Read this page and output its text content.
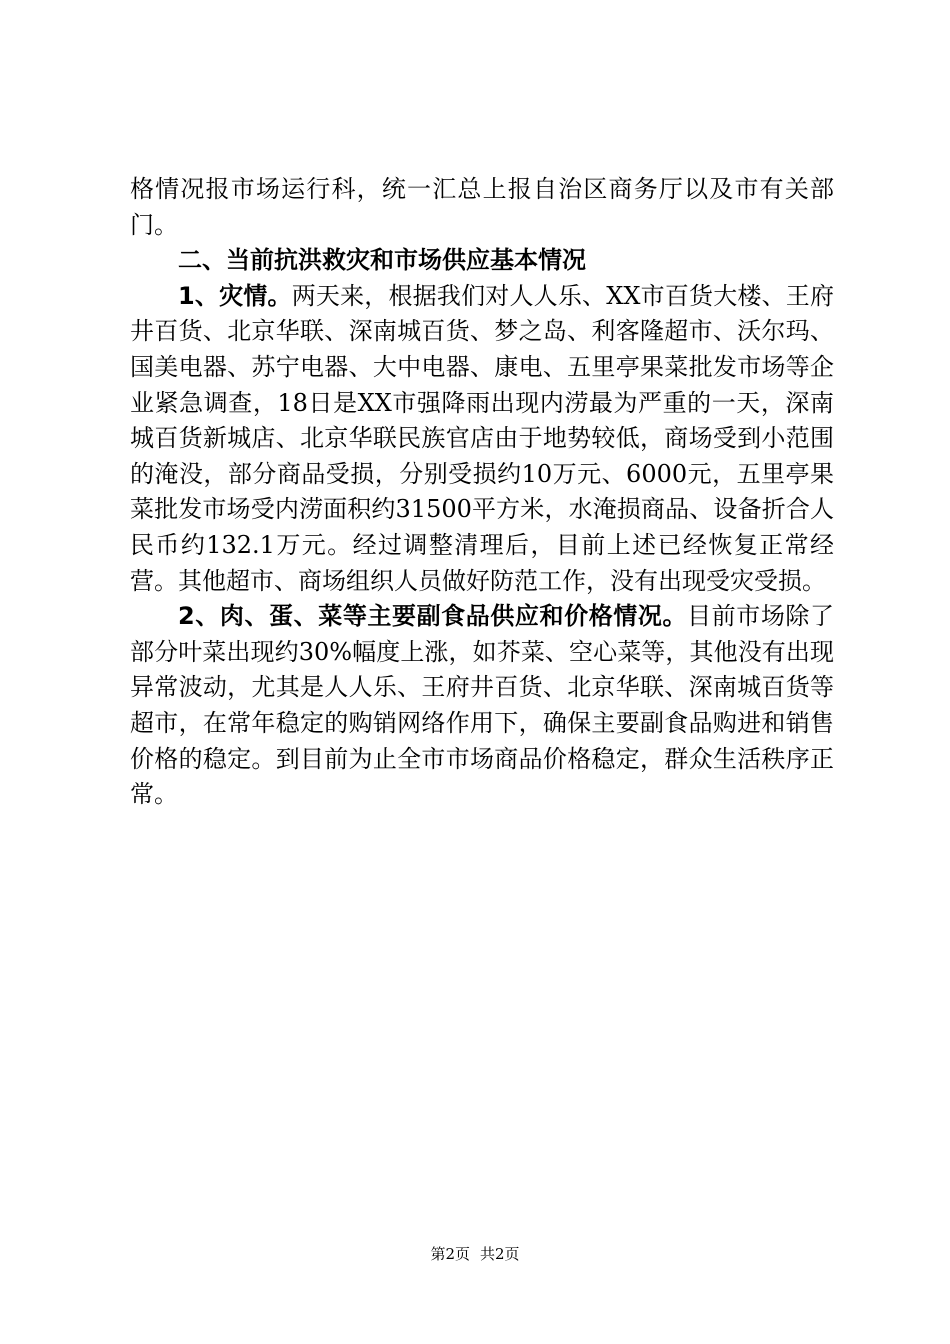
格情况报市场运行科，统一汇总上报自治区商务厅以及市有关部门。

二、当前抗洪救灾和市场供应基本情况

1、灾情。两天来，根据我们对人人乐、XX市百货大楼、王府井百货、北京华联、深南城百货、梦之岛、利客隆超市、沃尔玛、国美电器、苏宁电器、大中电器、康电、五里亭果菜批发市场等企业紧急调查，18日是XX市强降雨出现内涝最为严重的一天，深南城百货新城店、北京华联民族官店由于地势较低，商场受到小范围的淹没，部分商品受损，分别受损约10万元、6000元，五里亭果菜批发市场受内涝面积约31500平方米，水淹损商品、设备折合人民币约132.1万元。经过调整清理后，目前上述已经恢复正常经营。其他超市、商场组织人员做好防范工作，没有出现受灾受损。

2、肉、蛋、菜等主要副食品供应和价格情况。目前市场除了部分叶菜出现约30%幅度上涨，如芥菜、空心菜等，其他没有出现异常波动，尤其是人人乐、王府井百货、北京华联、深南城百货等超市，在常年稳定的购销网络作用下，确保主要副食品购进和销售价格的稳定。到目前为止全市市场商品价格稳定，群众生活秩序正常。

第2页 共2页
